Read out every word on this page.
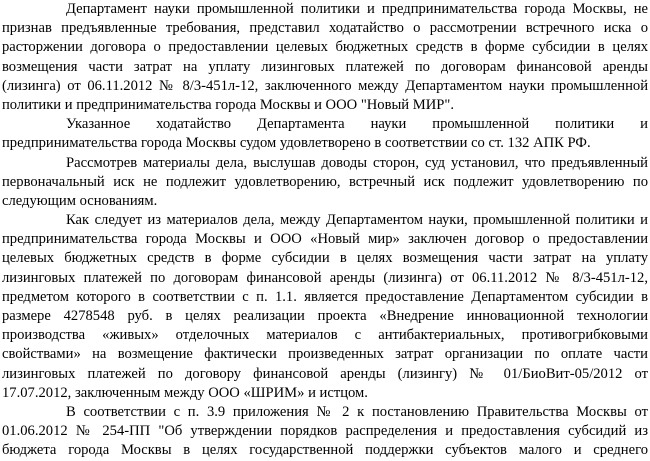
Департамент науки промышленной политики и предпринимательства города Москвы, не
признав предъявленные требования, представил ходатайство о рассмотрении встречного иска о
расторжении договора о предоставлении целевых бюджетных средств в форме субсидии в целях
возмещения части затрат на уплату лизинговых платежей по договорам финансовой аренды
(лизинга) от 06.11.2012 № 8/3-451л-12, заключенного между Департаментом науки промышленной
политики и предпринимательства города Москвы и ООО "Новый МИР".
Указанное ходатайство Департамента науки промышленной политики и
предпринимательства города Москвы судом удовлетворено в соответствии со ст. 132 АПК РФ.
Рассмотрев материалы дела, выслушав доводы сторон, суд установил, что предъявленный
первоначальный иск не подлежит удовлетворению, встречный иск подлежит удовлетворению по
следующим основаниям.
Как следует из материалов дела, между Департаментом науки, промышленной политики и
предпринимательства города Москвы и ООО «Новый мир» заключен договор о предоставлении
целевых бюджетных средств в форме субсидии в целях возмещения части затрат на уплату
лизинговых платежей по договорам финансовой аренды (лизинга) от 06.11.2012 № 8/3-451л-12,
предметом которого в соответствии с п. 1.1. является предоставление Департаментом субсидии в
размере 4278548 руб. в целях реализации проекта «Внедрение инновационной технологии
производства «живых» отделочных материалов с антибактериальных, противогрибковыми
свойствами» на возмещение фактически произведенных затрат организации по оплате части
лизинговых платежей по договору финансовой аренды (лизингу) № 01/БиоВит-05/2012 от
17.07.2012, заключенным между ООО «ШРИМ» и истцом.
В соответствии с п. 3.9 приложения № 2 к постановлению Правительства Москвы от
01.06.2012 № 254-ПП "Об утверждении порядков распределения и предоставления субсидий из
бюджета города Москвы в целях государственной поддержки субъектов малого и среднего
